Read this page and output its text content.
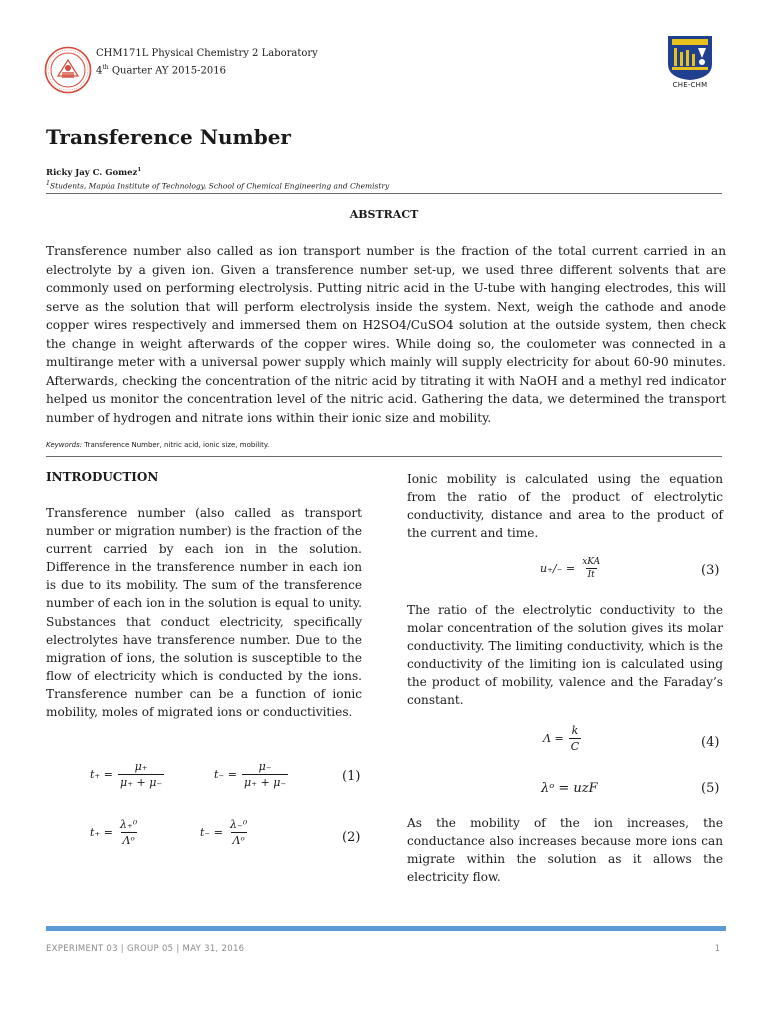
CHM171L Physical Chemistry 2 Laboratory
4th Quarter AY 2015-2016
CHE-CHM
Transference Number
Ricky Jay C. Gomez$^1$
$^1$Students, Mapúa Institute of Technology, School of Chemical Engineering and Chemistry
ABSTRACT

Transference number also called as ion transport number is the fraction of the total current carried in an electrolyte by a given ion. Given a transference number set-up, we used three different solvents that are commonly used on performing electrolysis. Putting nitric acid in the U-tube with hanging electrodes, this will serve as the solution that will perform electrolysis inside the system. Next, weigh the cathode and anode copper wires respectively and immersed them on H2SO4/CuSO4 solution at the outside system, then check the change in weight afterwards of the copper wires. While doing so, the coulometer was connected in a multirange meter with a universal power supply which mainly will supply electricity for about 60-90 minutes. Afterwards, checking the concentration of the nitric acid by titrating it with NaOH and a methyl red indicator helped us monitor the concentration level of the nitric acid. Gathering the data, we determined the transport number of hydrogen and nitrate ions within their ionic size and mobility.

Keywords: Transference Number, nitric acid, ionic size, mobility.
INTRODUCTION

Transference number (also called as transport number or migration number) is the fraction of the current carried by each ion in the solution. Difference in the transference number in each ion is due to its mobility. The sum of the transference number of each ion in the solution is equal to unity. Substances that conduct electricity, specifically electrolytes have transference number. Due to the migration of ions, the solution is susceptible to the flow of electricity which is conducted by the ions. Transference number can be a function of ionic mobility, moles of migrated ions or conductivities.

$t_+ = \frac{\mu_+}{\mu_+ + \mu_-}$	$t_- = \frac{\mu_-}{\mu_+ + \mu_-}$	(1)
$t_+ = \frac{\text{λ₊⁰}}{\text{Λᵒ}}$	$t_- = \frac{\text{λ₋⁰}}{\text{Λᵒ}}$	(2)

Ionic mobility is calculated using the equation from the ratio of the product of electrolytic conductivity, distance and area to the product of the current and time.

$u_+/_- = \frac{\text{xKA}}{It}$	(3)

The ratio of the electrolytic conductivity to the molar concentration of the solution gives its molar conductivity. The limiting conductivity, which is the conductivity of the limiting ion is calculated using the product of mobility, valence and the Faraday’s constant.

$\Lambda = \frac{k}{C}$	(4)
λᵒ = uzF	(5)

As the mobility of the ion increases, the conductance also increases because more ions can migrate within the solution as it allows the electricity flow.

EXPERIMENT 03 | GROUP 05 | MAY 31, 2016	1
